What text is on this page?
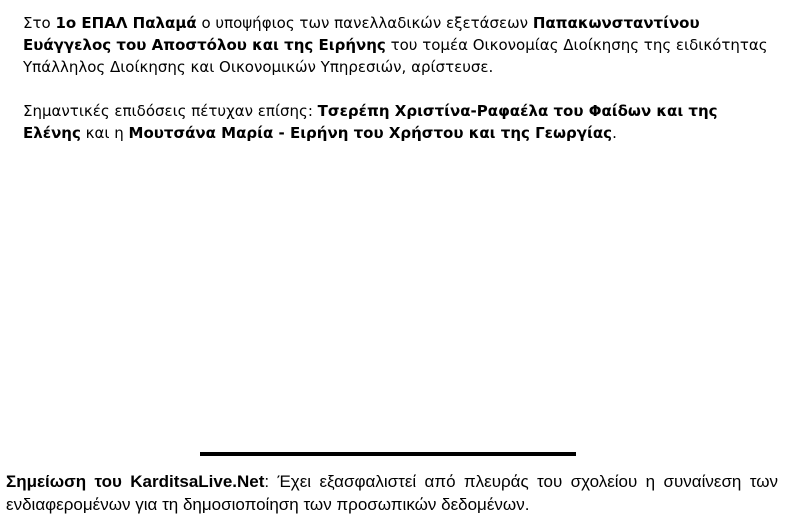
Στο 1ο ΕΠΑΛ Παλαμά ο υποψήφιος των πανελλαδικών εξετάσεων Παπακωνσταντίνου Ευάγγελος του Αποστόλου και της Ειρήνης του τομέα Οικονομίας Διοίκησης της ειδικότητας Υπάλληλος Διοίκησης και Οικονομικών Υπηρεσιών, αρίστευσε.

Σημαντικές επιδόσεις πέτυχαν επίσης: Τσερέπη Χριστίνα-Ραφαέλα του Φαίδων και της Ελένης και η Μουτσάνα Μαρία - Ειρήνη του Χρήστου και της Γεωργίας.

Σημείωση του KarditsaLive.Net: Έχει εξασφαλιστεί από πλευράς του σχολείου η συναίνεση των ενδιαφερομένων για τη δημοσιοποίηση των προσωπικών δεδομένων.
